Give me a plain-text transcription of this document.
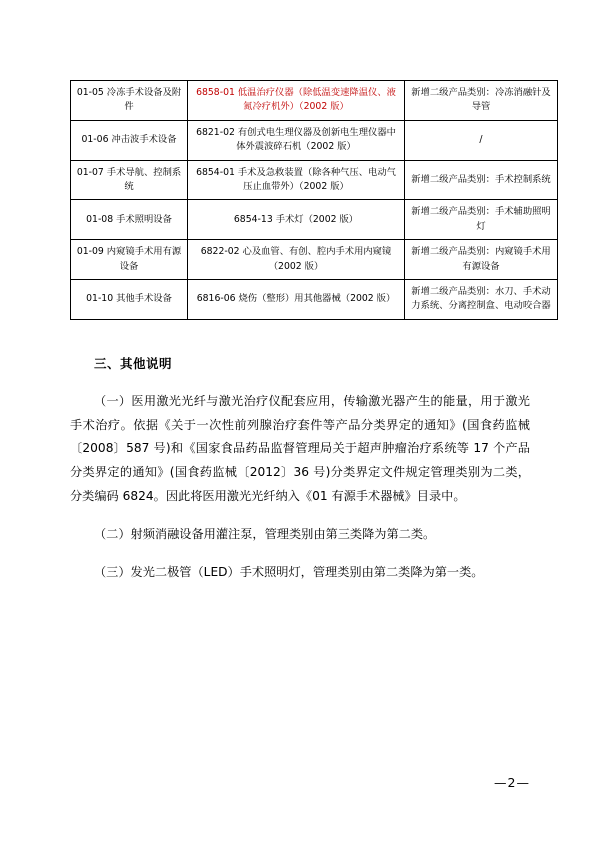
01-05 冷冻手术设备及附件	6858-01 低温治疗仪器（除低温变速降温仪、液氮冷疗机外）（2002 版）	新增二级产品类别：冷冻消融针及导管
01-06 冲击波手术设备	6821-02 有创式电生理仪器及创新电生理仪器中体外震波碎石机（2002 版）	/
01-07 手术导航、控制系统	6854-01 手术及急救装置（除各种气压、电动气压止血带外）（2002 版）	新增二级产品类别：手术控制系统
01-08 手术照明设备	6854-13 手术灯（2002 版）	新增二级产品类别：手术辅助照明灯
01-09 内窥镜手术用有源设备	6822-02 心及血管、有创、腔内手术用内窥镜（2002 版）	新增二级产品类别：内窥镜手术用有源设备
01-10 其他手术设备	6816-06 烧伤（整形）用其他器械（2002 版）	新增二级产品类别：水刀、手术动力系统、分离控制盒、电动咬合器
三、其他说明

（一）医用激光光纤与激光治疗仪配套应用，传输激光器产生的能量，用于激光手术治疗。依据《关于一次性前列腺治疗套件等产品分类界定的通知》(国食药监械〔2008〕587 号)和《国家食品药品监督管理局关于超声肿瘤治疗系统等 17 个产品分类界定的通知》(国食药监械〔2012〕36 号)分类界定文件规定管理类别为二类，分类编码 6824。因此将医用激光光纤纳入《01 有源手术器械》目录中。

（二）射频消融设备用灌注泵，管理类别由第三类降为第二类。

（三）发光二极管（LED）手术照明灯，管理类别由第二类降为第一类。

—2—
